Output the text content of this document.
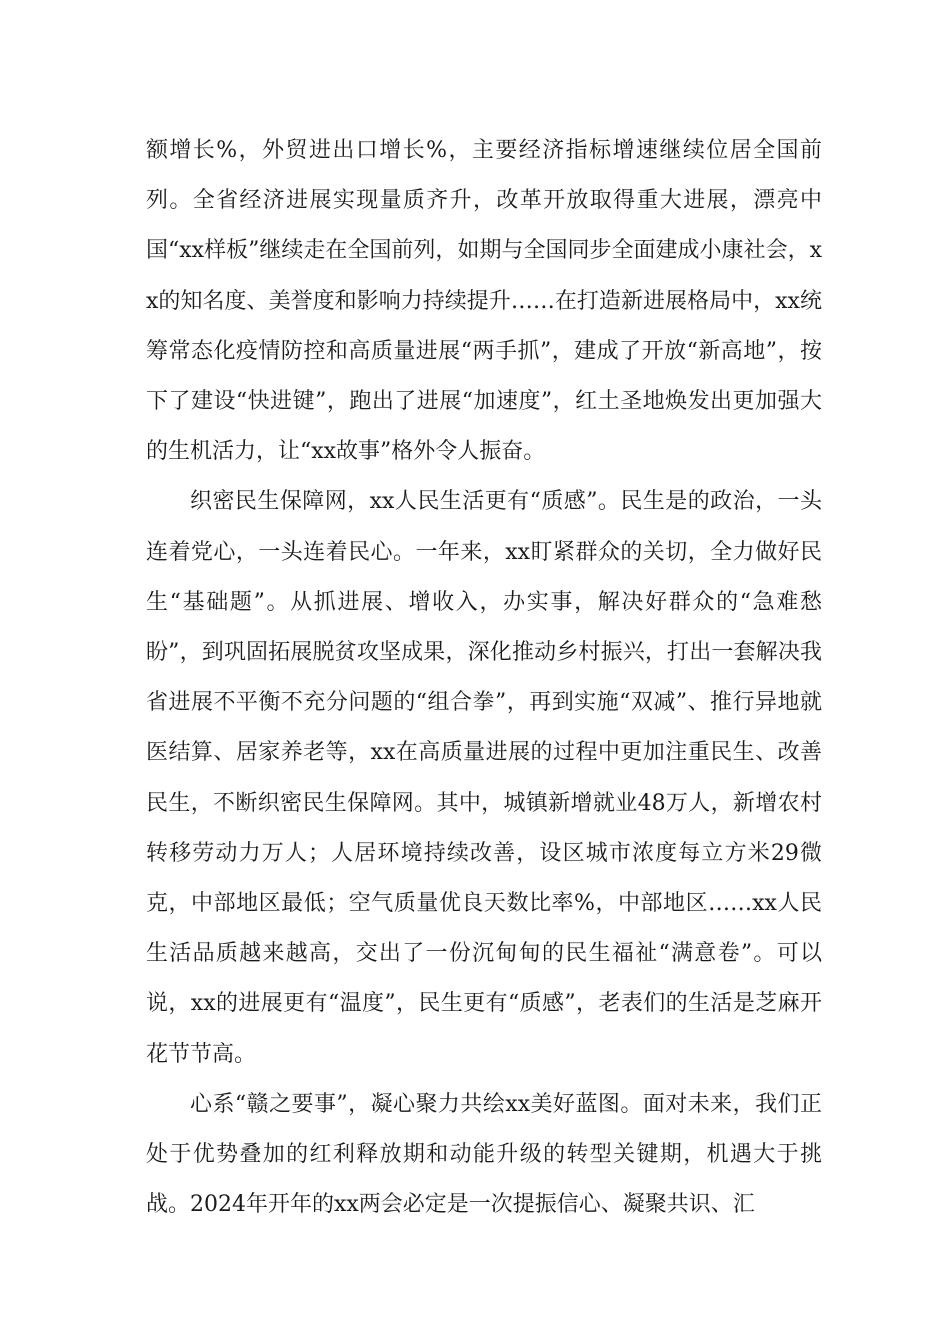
额增长%，外贸进出口增长%，主要经济指标增速继续位居全国前列。全省经济进展实现量质齐升，改革开放取得重大进展，漂亮中国“xx样板”继续走在全国前列，如期与全国同步全面建成小康社会，xx的知名度、美誉度和影响力持续提升……在打造新进展格局中，xx统筹常态化疫情防控和高质量进展“两手抓”，建成了开放“新高地”，按下了建设“快进键”，跑出了进展“加速度”，红土圣地焕发出更加强大的生机活力，让“xx故事”格外令人振奋。

织密民生保障网，xx人民生活更有“质感”。民生是的政治，一头连着党心，一头连着民心。一年来，xx盯紧群众的关切，全力做好民生“基础题”。从抓进展、增收入，办实事，解决好群众的“急难愁盼”，到巩固拓展脱贫攻坚成果，深化推动乡村振兴，打出一套解决我省进展不平衡不充分问题的“组合拳”，再到实施“双减”、推行异地就医结算、居家养老等，xx在高质量进展的过程中更加注重民生、改善民生，不断织密民生保障网。其中，城镇新增就业48万人，新增农村转移劳动力万人；人居环境持续改善，设区城市浓度每立方米29微克，中部地区最低；空气质量优良天数比率%，中部地区……xx人民生活品质越来越高，交出了一份沉甸甸的民生福祉“满意卷”。可以说，xx的进展更有“温度”，民生更有“质感”，老表们的生活是芝麻开花节节高。

心系“赣之要事”，凝心聚力共绘xx美好蓝图。面对未来，我们正处于优势叠加的红利释放期和动能升级的转型关键期，机遇大于挑战。2024年开年的xx两会必定是一次提振信心、凝聚共识、汇
